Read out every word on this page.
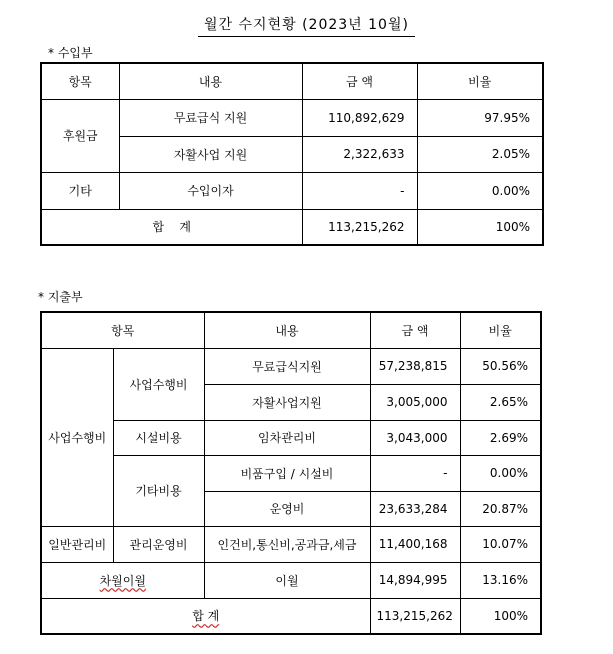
월간 수지현황 (2023년 10월)
* 수입부
항목	내용	금 액	비율
후원금	무료급식 지원	110,892,629	97.95%
	자활사업 지원	2,322,633	2.05%
기타	수입이자	-	0.00%
합    계		113,215,262	100%
* 지출부
항목		내용	금 액	비율
사업수행비	사업수행비	무료급식지원	57,238,815	50.56%
		자활사업지원	3,005,000	2.65%
	시설비용	임차관리비	3,043,000	2.69%
	기타비용	비품구입 / 시설비	-	0.00%
		운영비	23,633,284	20.87%
일반관리비	관리운영비	인건비,통신비,공과금,세금	11,400,168	10.07%
차월이월		이월	14,894,995	13.16%
합 계			113,215,262	100%
